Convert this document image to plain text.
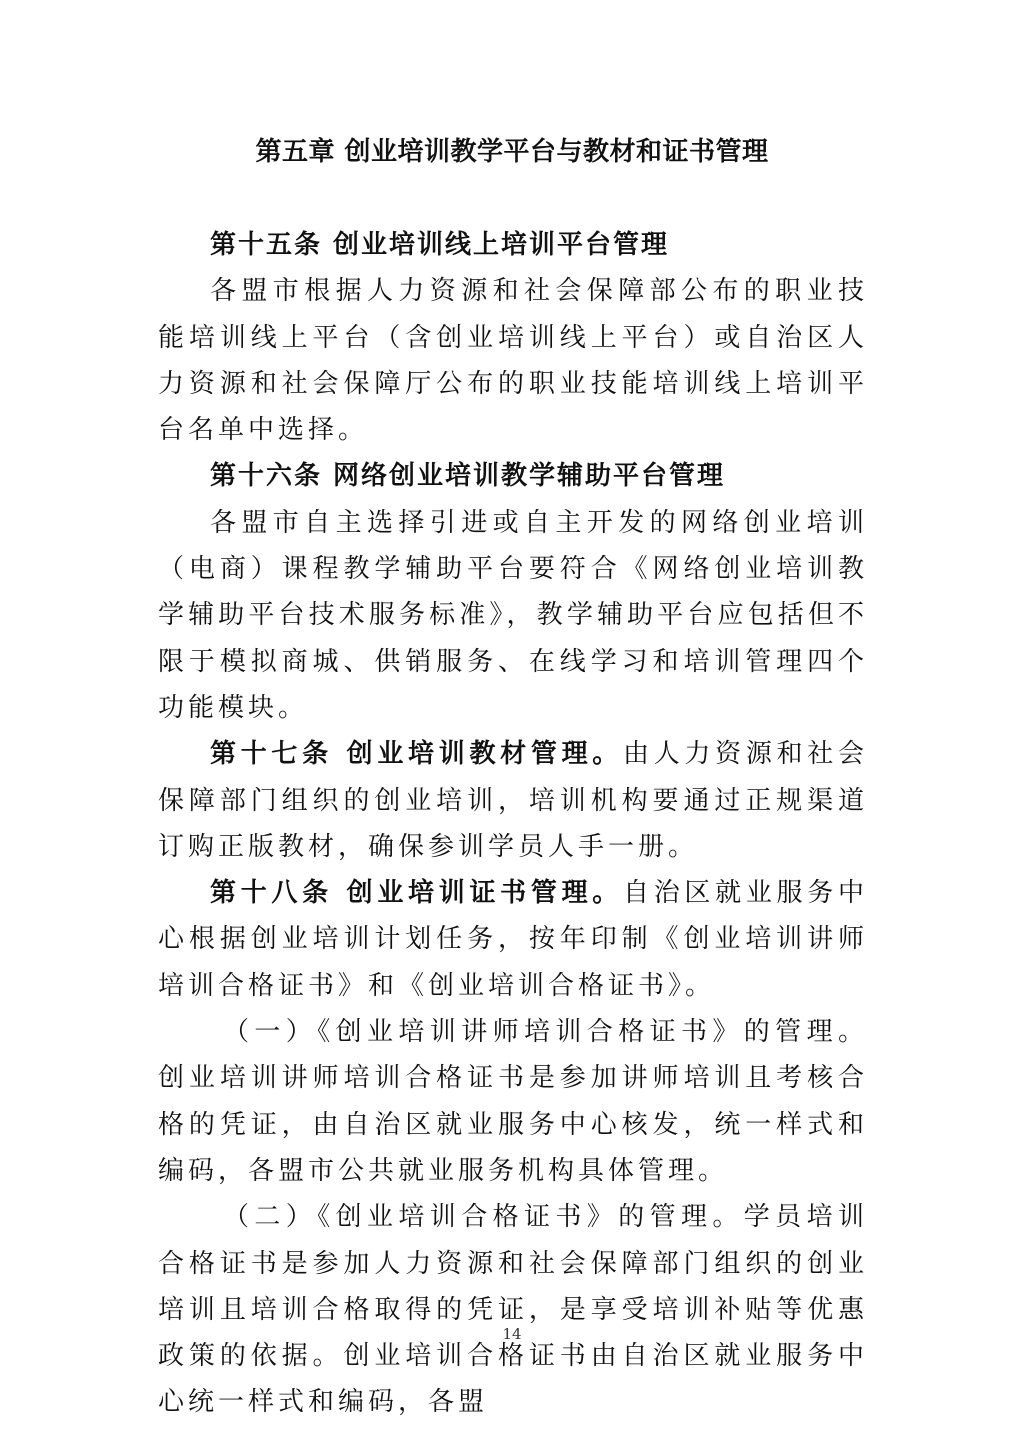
第五章 创业培训教学平台与教材和证书管理

第十五条 创业培训线上培训平台管理

各盟市根据人力资源和社会保障部公布的职业技能培训线上平台（含创业培训线上平台）或自治区人力资源和社会保障厅公布的职业技能培训线上培训平台名单中选择。

第十六条 网络创业培训教学辅助平台管理

各盟市自主选择引进或自主开发的网络创业培训（电商）课程教学辅助平台要符合《网络创业培训教学辅助平台技术服务标准》，教学辅助平台应包括但不限于模拟商城、供销服务、在线学习和培训管理四个功能模块。

第十七条 创业培训教材管理。由人力资源和社会保障部门组织的创业培训，培训机构要通过正规渠道订购正版教材，确保参训学员人手一册。

第十八条 创业培训证书管理。自治区就业服务中心根据创业培训计划任务，按年印制《创业培训讲师培训合格证书》和《创业培训合格证书》。

（一）《创业培训讲师培训合格证书》的管理。创业培训讲师培训合格证书是参加讲师培训且考核合格的凭证，由自治区就业服务中心核发，统一样式和编码，各盟市公共就业服务机构具体管理。

（二）《创业培训合格证书》的管理。学员培训合格证书是参加人力资源和社会保障部门组织的创业培训且培训合格取得的凭证，是享受培训补贴等优惠政策的依据。创业培训合格证书由自治区就业服务中心统一样式和编码，各盟

14
